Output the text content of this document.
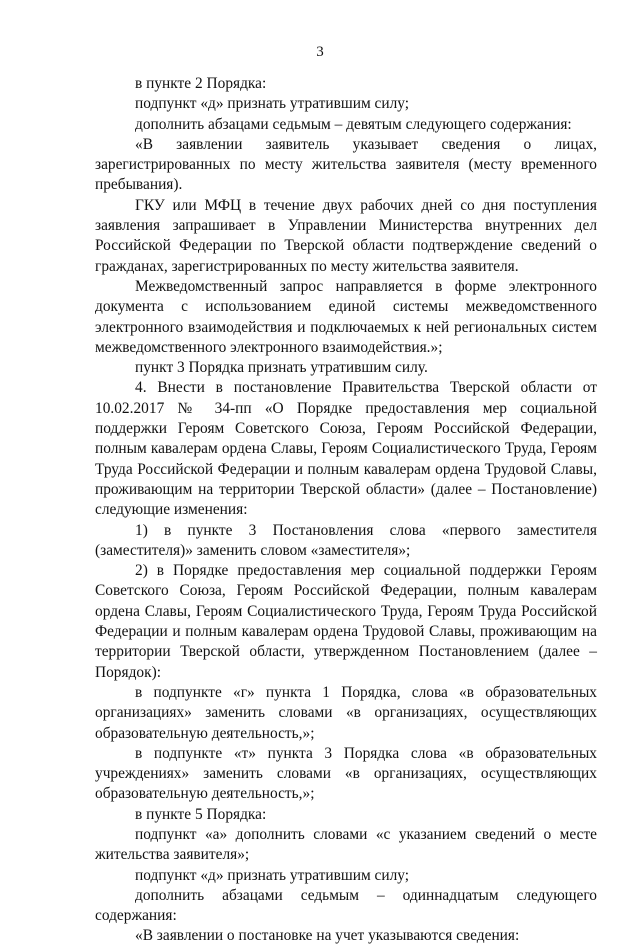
3

в пункте 2 Порядка:

подпункт «д» признать утратившим силу;

дополнить абзацами седьмым – девятым следующего содержания:

«В заявлении заявитель указывает сведения о лицах, зарегистрированных по месту жительства заявителя (месту временного пребывания).

ГКУ или МФЦ в течение двух рабочих дней со дня поступления заявления запрашивает в Управлении Министерства внутренних дел Российской Федерации по Тверской области подтверждение сведений о гражданах, зарегистрированных по месту жительства заявителя.

Межведомственный запрос направляется в форме электронного документа с использованием единой системы межведомственного электронного взаимодействия и подключаемых к ней региональных систем межведомственного электронного взаимодействия.»;

пункт 3 Порядка признать утратившим силу.

4. Внести в постановление Правительства Тверской области от 10.02.2017 № 34-пп «О Порядке предоставления мер социальной поддержки Героям Советского Союза, Героям Российской Федерации, полным кавалерам ордена Славы, Героям Социалистического Труда, Героям Труда Российской Федерации и полным кавалерам ордена Трудовой Славы, проживающим на территории Тверской области» (далее – Постановление) следующие изменения:

1) в пункте 3 Постановления слова «первого заместителя (заместителя)» заменить словом «заместителя»;

2) в Порядке предоставления мер социальной поддержки Героям Советского Союза, Героям Российской Федерации, полным кавалерам ордена Славы, Героям Социалистического Труда, Героям Труда Российской Федерации и полным кавалерам ордена Трудовой Славы, проживающим на территории Тверской области, утвержденном Постановлением (далее – Порядок):

в подпункте «г» пункта 1 Порядка, слова «в образовательных организациях» заменить словами «в организациях, осуществляющих образовательную деятельность,»;

в подпункте «т» пункта 3 Порядка слова «в образовательных учреждениях» заменить словами «в организациях, осуществляющих образовательную деятельность,»;

в пункте 5 Порядка:

подпункт «а» дополнить словами «с указанием сведений о месте жительства заявителя»;

подпункт «д» признать утратившим силу;

дополнить абзацами седьмым – одиннадцатым следующего содержания:

«В заявлении о постановке на учет указываются сведения:
